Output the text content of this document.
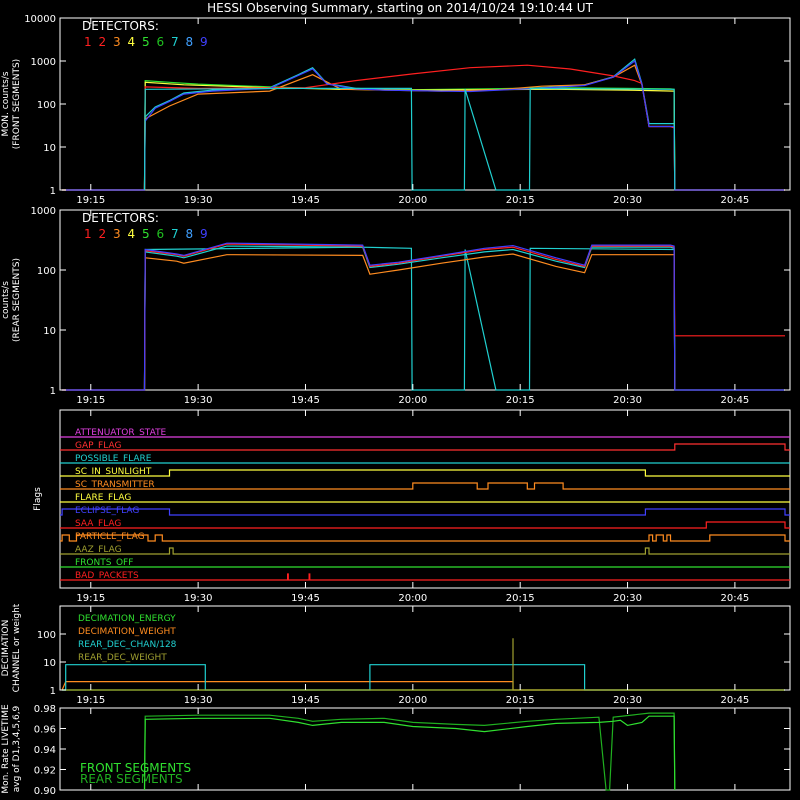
HESSI Observing Summary, starting on 2014/10/24 19:10:44 UT
1
10
100
1000
10000
19:15	19:30	19:45	20:00	20:15	20:30	20:45
DETECTORS:
1 2 3 4 5 6 7 8 9
MON. counts/s (FRONT SEGMENTS)
1
10
100
1000
19:15	19:30	19:45	20:00	20:15	20:30	20:45
DETECTORS:
1 2 3 4 5 6 7 8 9
counts/s (REAR SEGMENTS)
ATTENUATOR_STATE
GAP_FLAG
POSSIBLE_FLARE
SC_IN_SUNLIGHT
SC_TRANSMITTER
FLARE_FLAG
ECLIPSE_FLAG
SAA_FLAG
PARTICLE_FLAG
AAZ_FLAG
FRONTS_OFF
BAD_PACKETS
19:15	19:30	19:45	20:00	20:15	20:30	20:45
Flags
1
10
100
19:15	19:30	19:45	20:00	20:15	20:30	20:45
DECIMATION_ENERGY
DECIMATION_WEIGHT
REAR_DEC_CHAN/128
REAR_DEC_WEIGHT
DECIMATION CHANNEL or weight
0.90
0.92
0.94
0.96
0.98
FRONT SEGMENTS
REAR SEGMENTS
Mon. Rate LIVETIME avg of D1,3,4,5,6,9
